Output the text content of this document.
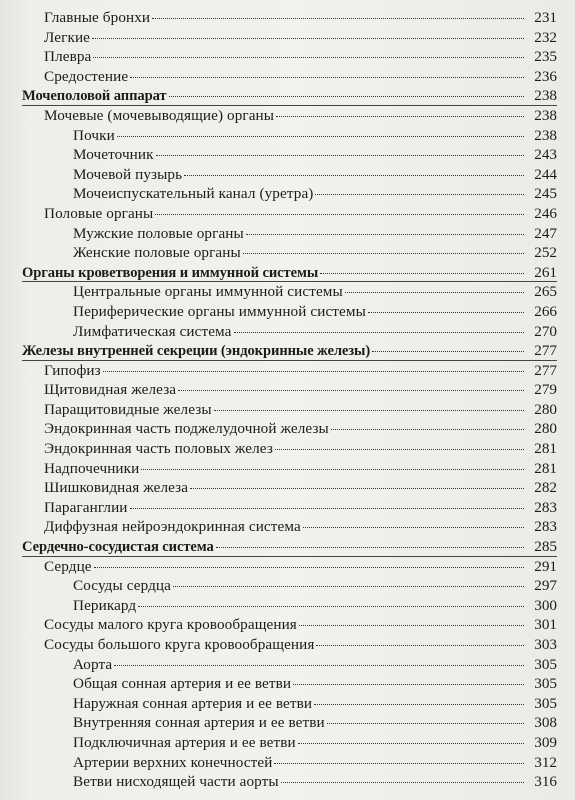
Главные бронхи	231
Легкие	232
Плевра	235
Средостение	236
Мочеполовой аппарат	238
Мочевые (мочевыводящие) органы	238
Почки	238
Мочеточник	243
Мочевой пузырь	244
Мочеиспускательный канал (уретра)	245
Половые органы	246
Мужские половые органы	247
Женские половые органы	252
Органы кроветворения и иммунной системы	261
Центральные органы иммунной системы	265
Периферические органы иммунной системы	266
Лимфатическая система	270
Железы внутренней секреции (эндокринные железы)	277
Гипофиз	277
Щитовидная железа	279
Паращитовидные железы	280
Эндокринная часть поджелудочной железы	280
Эндокринная часть половых желез	281
Надпочечники	281
Шишковидная железа	282
Параганглии	283
Диффузная нейроэндокринная система	283
Сердечно-сосудистая система	285
Сердце	291
Сосуды сердца	297
Перикард	300
Сосуды малого круга кровообращения	301
Сосуды большого круга кровообращения	303
Аорта	305
Общая сонная артерия и ее ветви	305
Наружная сонная артерия и ее ветви	305
Внутренняя сонная артерия и ее ветви	308
Подключичная артерия и ее ветви	309
Артерии верхних конечностей	312
Ветви нисходящей части аорты	316
